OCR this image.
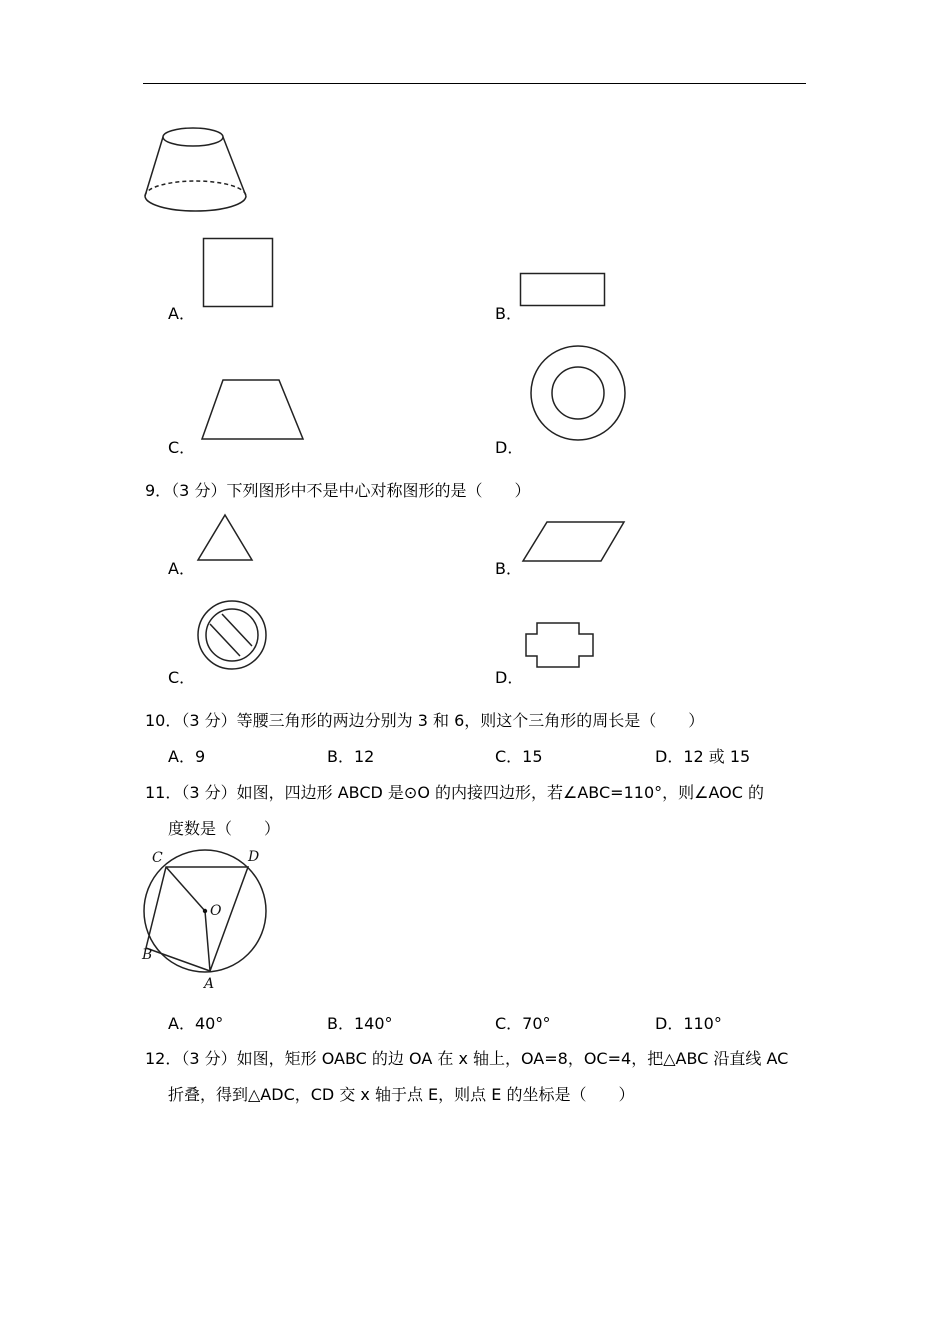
A．	B．
C．	D．
9．（3 分）下列图形中不是中心对称图形的是（　　）
A．	B．
C．	D．
10．（3 分）等腰三角形的两边分别为 3 和 6，则这个三角形的周长是（　　）
A．9	B．12	C．15	D．12 或 15
11．（3 分）如图，四边形 ABCD 是⊙O 的内接四边形，若∠ABC=110°，则∠AOC 的
度数是（　　）
C	D
O
B
A
A．40°	B．140°	C．70°	D．110°
12．（3 分）如图，矩形 OABC 的边 OA 在 x 轴上，OA=8，OC=4，把△ABC 沿直线 AC
折叠，得到△ADC，CD 交 x 轴于点 E，则点 E 的坐标是（　　）
